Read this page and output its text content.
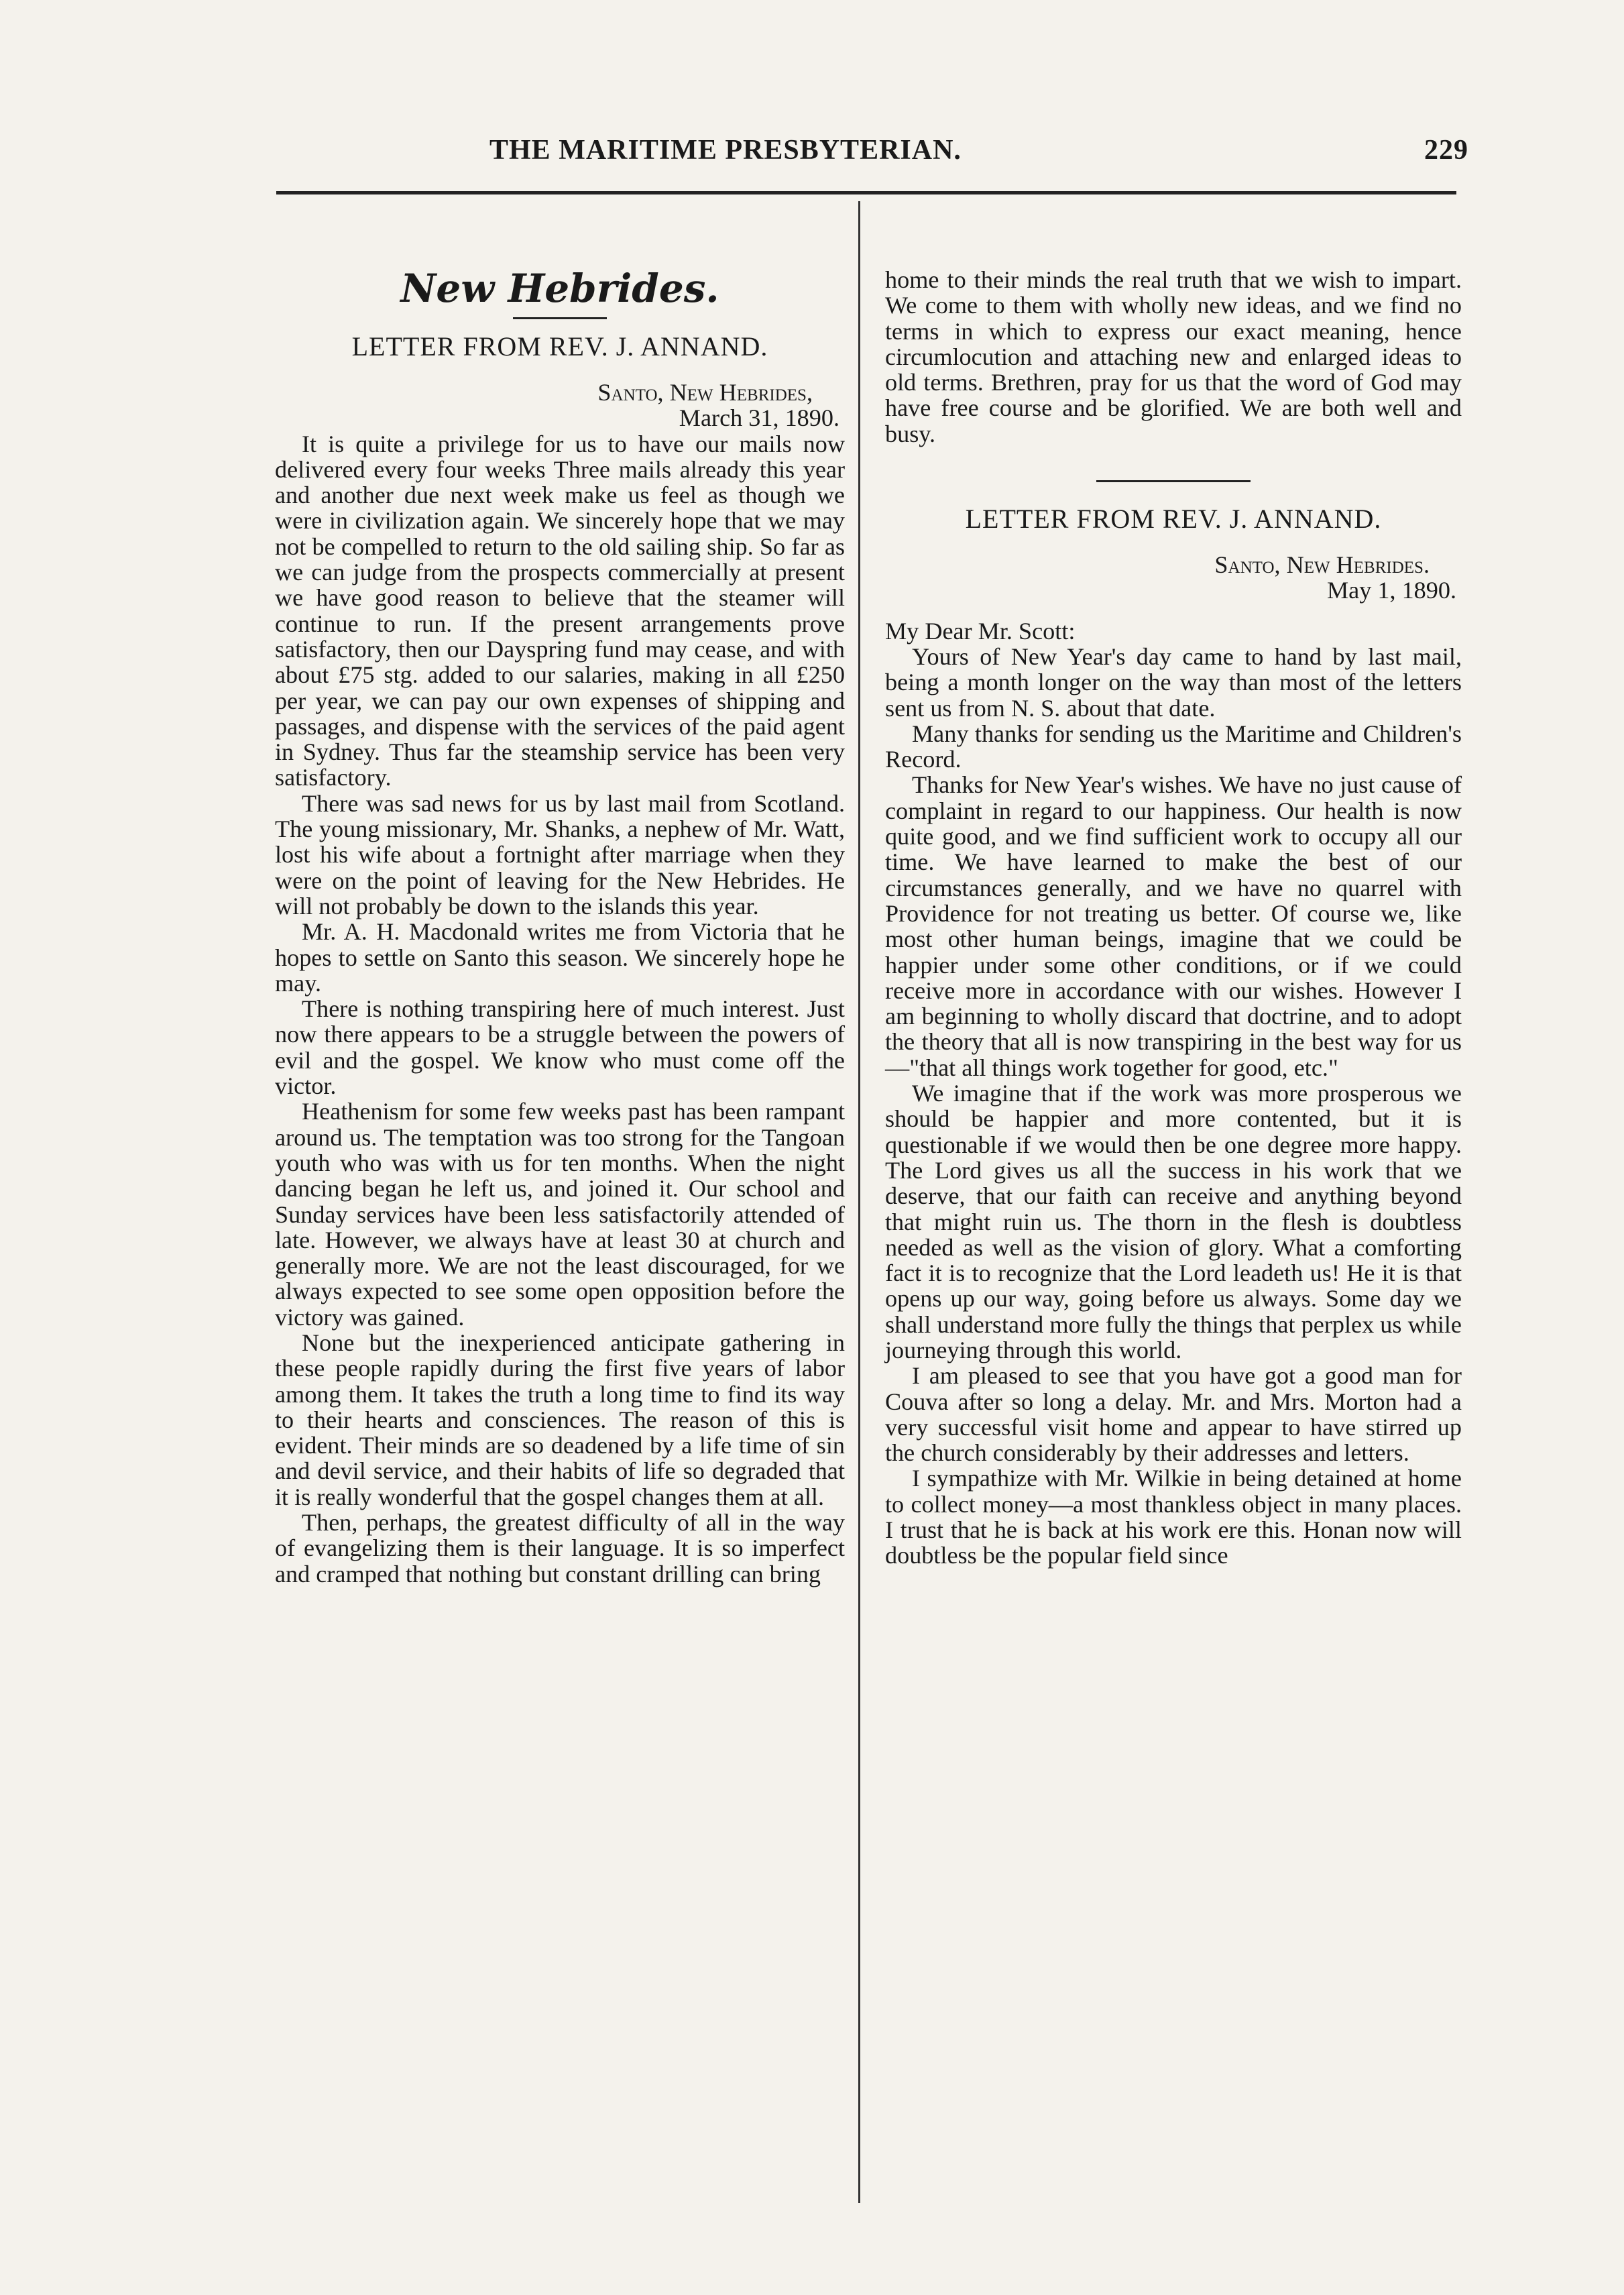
THE MARITIME PRESBYTERIAN.	229
New Hebrides.
LETTER FROM REV. J. ANNAND.
Santo, New Hebrides,
March 31, 1890.

It is quite a privilege for us to have our mails now delivered every four weeks Three mails already this year and another due next week make us feel as though we were in civilization again. We sincerely hope that we may not be compelled to return to the old sailing ship. So far as we can judge from the prospects commercially at present we have good reason to believe that the steamer will continue to run. If the present arrangements prove satisfactory, then our Dayspring fund may cease, and with about £75 stg. added to our salaries, making in all £250 per year, we can pay our own expenses of shipping and passages, and dispense with the services of the paid agent in Sydney. Thus far the steamship service has been very satisfactory.

There was sad news for us by last mail from Scotland. The young missionary, Mr. Shanks, a nephew of Mr. Watt, lost his wife about a fortnight after marriage when they were on the point of leaving for the New Hebrides. He will not probably be down to the islands this year.

Mr. A. H. Macdonald writes me from Victoria that he hopes to settle on Santo this season. We sincerely hope he may.

There is nothing transpiring here of much interest. Just now there appears to be a struggle between the powers of evil and the gospel. We know who must come off the victor.

Heathenism for some few weeks past has been rampant around us. The temptation was too strong for the Tangoan youth who was with us for ten months. When the night dancing began he left us, and joined it. Our school and Sunday services have been less satisfactorily attended of late. However, we always have at least 30 at church and generally more. We are not the least discouraged, for we always expected to see some open opposition before the victory was gained.

None but the inexperienced anticipate gathering in these people rapidly during the first five years of labor among them. It takes the truth a long time to find its way to their hearts and consciences. The reason of this is evident. Their minds are so deadened by a life time of sin and devil service, and their habits of life so degraded that it is really wonderful that the gospel changes them at all.

Then, perhaps, the greatest difficulty of all in the way of evangelizing them is their language. It is so imperfect and cramped that nothing but constant drilling can bring

home to their minds the real truth that we wish to impart. We come to them with wholly new ideas, and we find no terms in which to express our exact meaning, hence circumlocution and attaching new and enlarged ideas to old terms. Brethren, pray for us that the word of God may have free course and be glorified. We are both well and busy.

LETTER FROM REV. J. ANNAND.
Santo, New Hebrides.
May 1, 1890.

My Dear Mr. Scott:

Yours of New Year's day came to hand by last mail, being a month longer on the way than most of the letters sent us from N. S. about that date.

Many thanks for sending us the Maritime and Children's Record.

Thanks for New Year's wishes. We have no just cause of complaint in regard to our happiness. Our health is now quite good, and we find sufficient work to occupy all our time. We have learned to make the best of our circumstances generally, and we have no quarrel with Providence for not treating us better. Of course we, like most other human beings, imagine that we could be happier under some other conditions, or if we could receive more in accordance with our wishes. However I am beginning to wholly discard that doctrine, and to adopt the theory that all is now transpiring in the best way for us—"that all things work together for good, etc."

We imagine that if the work was more prosperous we should be happier and more contented, but it is questionable if we would then be one degree more happy. The Lord gives us all the success in his work that we deserve, that our faith can receive and anything beyond that might ruin us. The thorn in the flesh is doubtless needed as well as the vision of glory. What a comforting fact it is to recognize that the Lord leadeth us! He it is that opens up our way, going before us always. Some day we shall understand more fully the things that perplex us while journeying through this world.

I am pleased to see that you have got a good man for Couva after so long a delay. Mr. and Mrs. Morton had a very successful visit home and appear to have stirred up the church considerably by their addresses and letters.

I sympathize with Mr. Wilkie in being detained at home to collect money—a most thankless object in many places. I trust that he is back at his work ere this. Honan now will doubtless be the popular field since
